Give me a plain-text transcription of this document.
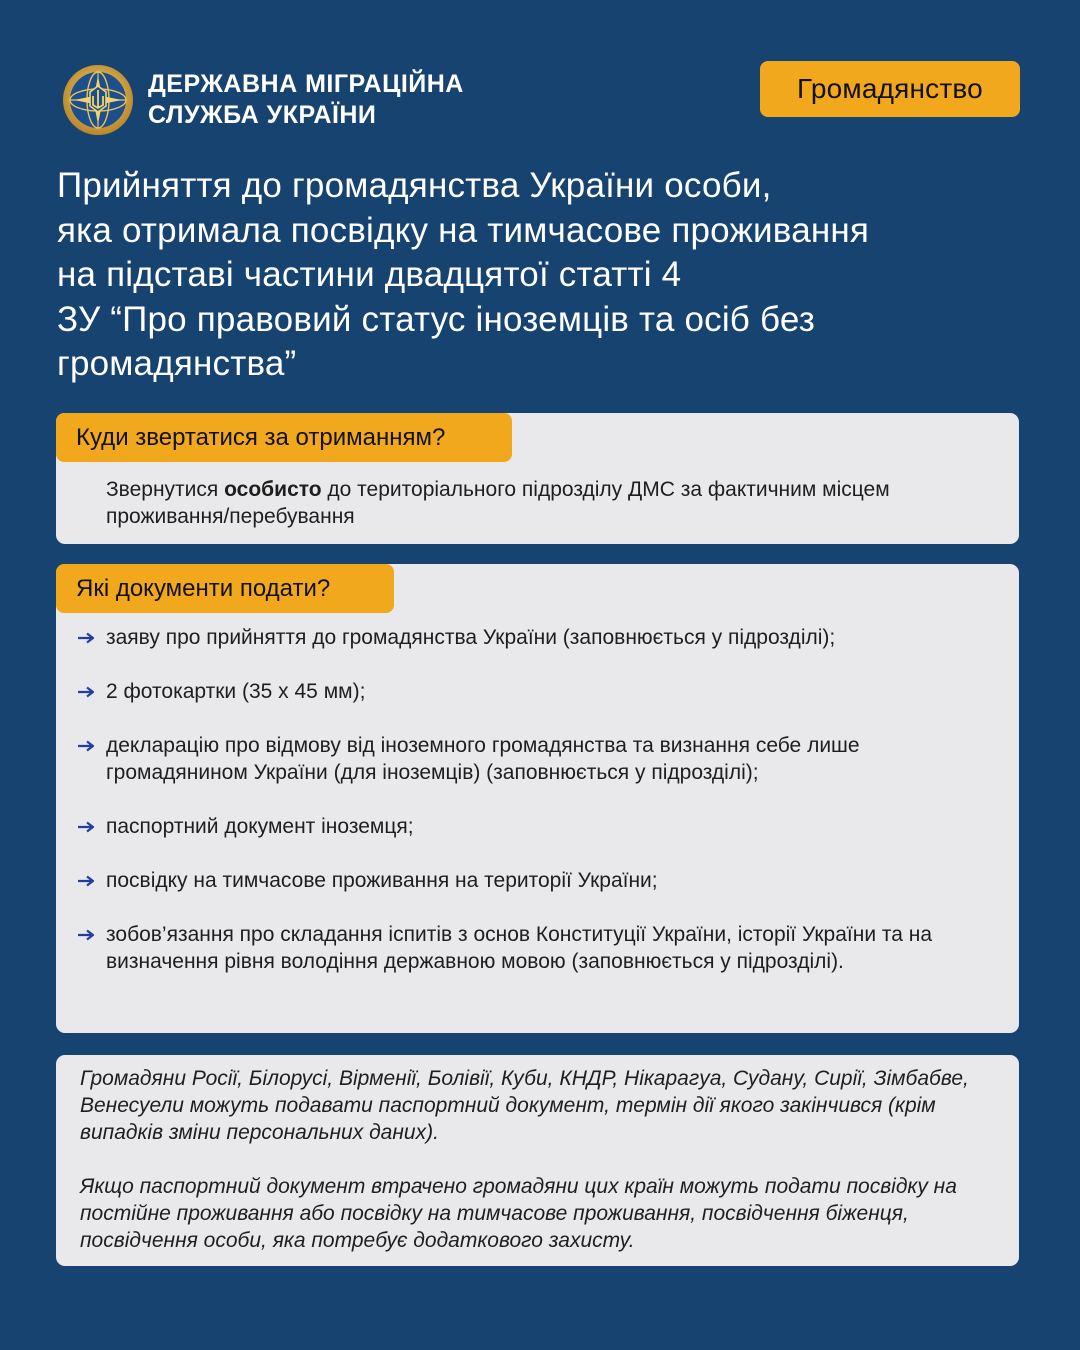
ДЕРЖАВНА МІГРАЦІЙНА
СЛУЖБА УКРАЇНИ
Громадянство
Прийняття до громадянства України особи,
яка отримала посвідку на тимчасове проживання
на підставі частини двадцятої статті 4
ЗУ “Про правовий статус іноземців та осіб без
громадянства”
Куди звертатися за отриманням?
Звернутися особисто до територіального підрозділу ДМС за фактичним місцем проживання/перебування
Які документи подати?
заяву про прийняття до громадянства України (заповнюється у підрозділі);
2 фотокартки (35 х 45 мм);
декларацію про відмову від іноземного громадянства та визнання себе лише громадянином України (для іноземців) (заповнюється у підрозділі);
паспортний документ іноземця;
посвідку на тимчасове проживання на території України;
зобов’язання про складання іспитів з основ Конституції України, історії України та на визначення рівня володіння державною мовою (заповнюється у підрозділі).
Громадяни Росії, Білорусі, Вірменії, Болівії, Куби, КНДР, Нікарагуа, Судану, Сирії, Зімбабве, Венесуели можуть подавати паспортний документ, термін дії якого закінчився (крім випадків зміни персональних даних).
Якщо паспортний документ втрачено громадяни цих країн можуть подати посвідку на постійне проживання або посвідку на тимчасове проживання, посвідчення біженця, посвідчення особи, яка потребує додаткового захисту.
